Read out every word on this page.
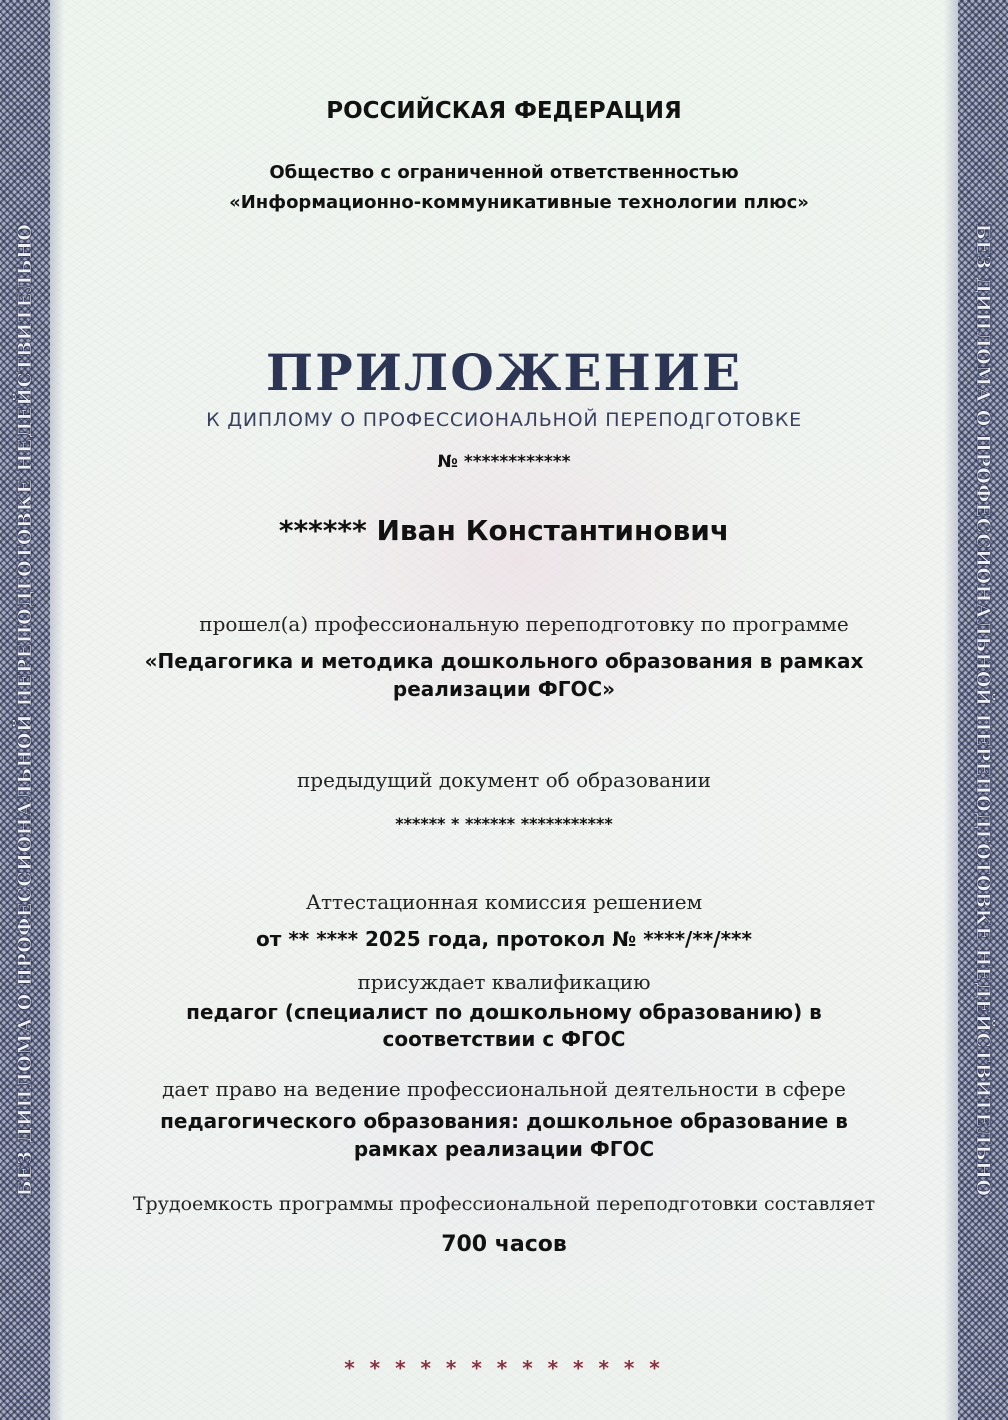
БЕЗ ДИПЛОМА О ПРОФЕССИОНАЛЬНОЙ ПЕРЕПОДГОТОВКЕ НЕДЕЙСТВИТЕЛЬНО	БЕЗ ДИПЛОМА О ПРОФЕССИОНАЛЬНОЙ ПЕРЕПОДГОТОВКЕ НЕДЕЙСТВИТЕЛЬНО

РОССИЙСКАЯ ФЕДЕРАЦИЯ

Общество с ограниченной ответственностью

«Информационно-коммуникативные технологии плюс»

ПРИЛОЖЕНИЕ

К ДИПЛОМУ О ПРОФЕССИОНАЛЬНОЙ ПЕРЕПОДГОТОВКЕ

№ ************

****** Иван Константинович

прошел(а) профессиональную переподготовку по программе

«Педагогика и методика дошкольного образования в рамках

реализации ФГОС»

предыдущий документ об образовании

****** * ****** ***********

Аттестационная комиссия решением

от ** **** 2025 года, протокол № ****/**/***

присуждает квалификацию

педагог (специалист по дошкольному образованию) в

соответствии с ФГОС

дает право на ведение профессиональной деятельности в сфере

педагогического образования: дошкольное образование в

рамках реализации ФГОС

Трудоемкость программы профессиональной переподготовки составляет

700 часов

* * * * * * * * * * * * *
